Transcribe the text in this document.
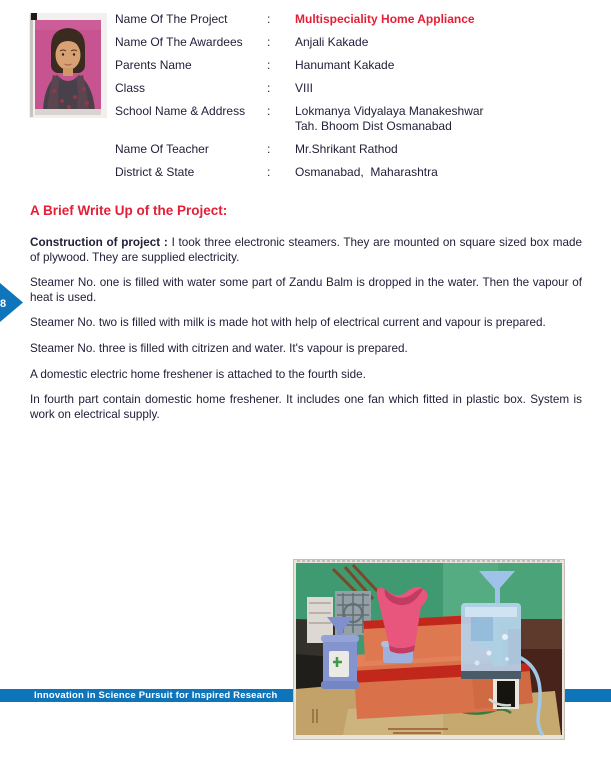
Name Of The Project	:	Multispeciality Home Appliance
Name Of The Awardees	:	Anjali Kakade
Parents Name	:	Hanumant Kakade
Class	:	VIII
School Name & Address	:	Lokmanya Vidyalaya Manakeshwar
Tah. Bhoom Dist Osmanabad
Name Of Teacher	:	Mr.Shrikant Rathod
District & State	:	Osmanabad,  Maharashtra
A Brief Write Up of the Project:

Construction of project : I took three electronic steamers. They are mounted on square sized box made of plywood. They are supplied electricity.

Steamer No. one is filled with water some part of Zandu Balm is dropped in the water. Then the vapour of heat is used.

Steamer No. two is filled with milk is made hot with help of electrical current and vapour is prepared.

Steamer No. three is filled with citrizen and water. It's vapour is prepared.

A domestic electric home freshener is attached to the fourth side.

In fourth part contain domestic home freshener. It includes one fan which fitted in plastic box. System is work on electrical supply.

8
Innovation in Science Pursuit for Inspired Research
